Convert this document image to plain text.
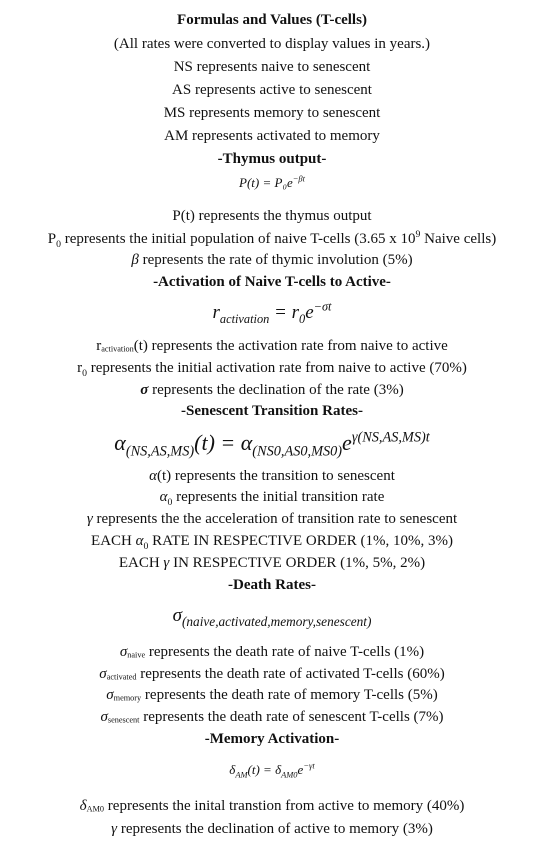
Formulas and Values (T-cells)
(All rates were converted to display values in years.)
NS represents naive to senescent
AS represents active to senescent
MS represents memory to senescent
AM represents activated to memory
-Thymus output-
$P(t) = P_0e^{-\beta t}$
P(t) represents the thymus output
$P_0$ represents the initial population of naive T-cells (3.65 x $10^9$ Naive cells)
β represents the rate of thymic involution (5%)
-Activation of Naive T-cells to Active-
$r_{activation} = r_0e^{-\sigma t}$
$r_{activation}(t)$ represents the activation rate from naive to active
$r_0$ represents the initial activation rate from naive to active (70%)
σ represents the declination of the rate (3%)
-Senescent Transition Rates-
$\alpha_{(NS,AS,MS)}(t) = \alpha_{(NS0,AS0,MS0)}e^{\gamma(NS,AS,MS)t}$
α(t) represents the transition to senescent
$\alpha_0$ represents the initial transition rate
γ represents the the acceleration of transition rate to senescent
EACH $\alpha_0$ RATE IN RESPECTIVE ORDER (1%, 10%, 3%)
EACH γ IN RESPECTIVE ORDER (1%, 5%, 2%)
-Death Rates-
$\sigma_{(naive,activated,memory,senescent)}$
$\sigma_{naive}$ represents the death rate of naive T-cells (1%)
$\sigma_{activated}$ represents the death rate of activated T-cells (60%)
$\sigma_{memory}$ represents the death rate of memory T-cells (5%)
$\sigma_{senescent}$ represents the death rate of senescent T-cells (7%)
-Memory Activation-
$\delta_{AM}(t) = \delta_{AM0}e^{-\gamma t}$
$\delta_{AM0}$ represents the inital transtion from active to memory (40%)
γ represents the declination of active to memory (3%)
